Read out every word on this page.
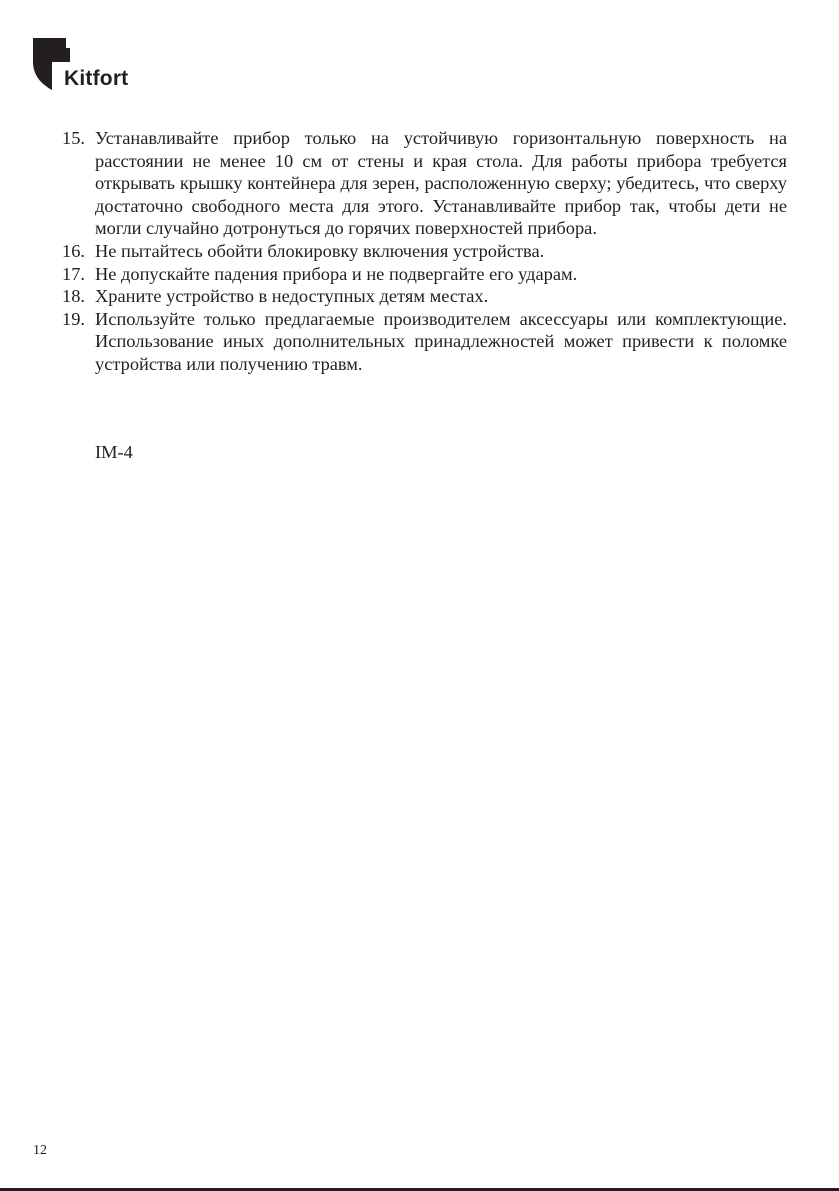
Kitfort
15. Устанавливайте прибор только на устойчивую горизонтальную поверхность на расстоянии не менее 10 см от стены и края стола. Для работы прибора требуется открывать крышку контейнера для зерен, расположенную сверху; убедитесь, что сверху достаточно свободного места для этого. Устанавливайте прибор так, чтобы дети не могли случайно дотронуться до горячих поверхностей прибора.
16. Не пытайтесь обойти блокировку включения устройства.
17. Не допускайте падения прибора и не подвергайте его ударам.
18. Храните устройство в недоступных детям местах.
19. Используйте только предлагаемые производителем аксессуары или комплектующие. Использование иных дополнительных принадлежностей может привести к поломке устройства или получению травм.
IM-4
12
